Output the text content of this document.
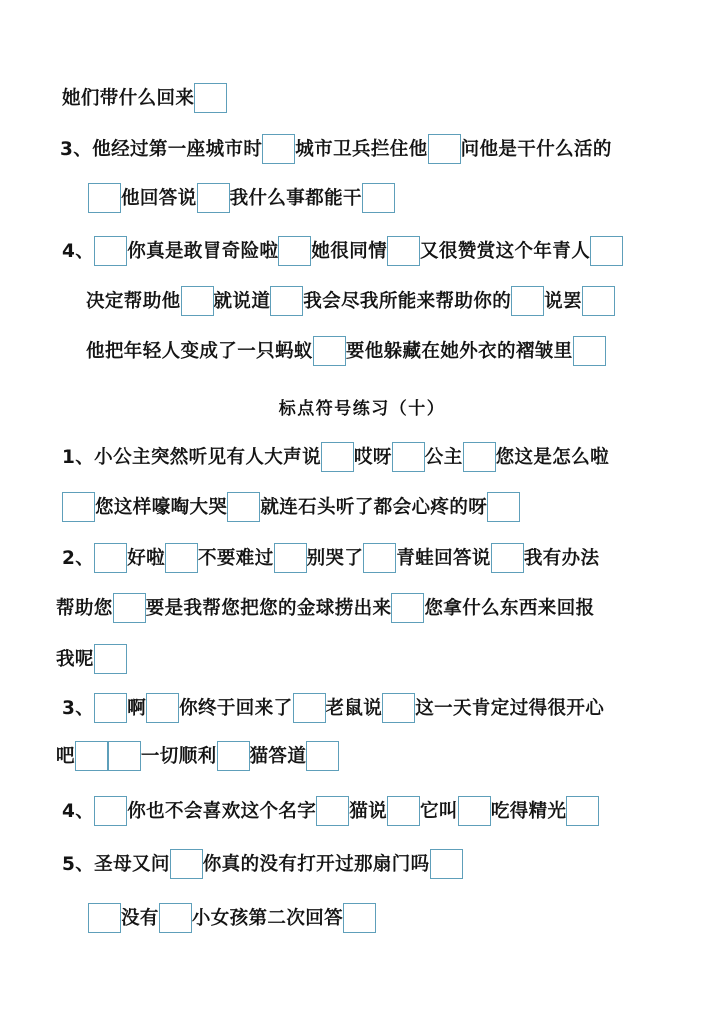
她们带什么回来
3、他经过第一座城市时 城市卫兵拦住他 问他是干什么活的
他回答说 我什么事都能干
4、 你真是敢冒奇险啦 她很同情 又很赞赏这个年青人
决定帮助他 就说道 我会尽我所能来帮助你的 说罢
他把年轻人变成了一只蚂蚁 要他躲藏在她外衣的褶皱里
标点符号练习（十）
1、小公主突然听见有人大声说 哎呀 公主 您这是怎么啦
您这样嚎啕大哭 就连石头听了都会心疼的呀
2、 好啦 不要难过 别哭了 青蛙回答说 我有办法
帮助您 要是我帮您把您的金球捞出来 您拿什么东西来回报
我呢
3、 啊 你终于回来了 老鼠说 这一天肯定过得很开心
吧	一切顺利 猫答道
4、 你也不会喜欢这个名字 猫说 它叫 吃得精光
5、圣母又问 你真的没有打开过那扇门吗
没有 小女孩第二次回答
